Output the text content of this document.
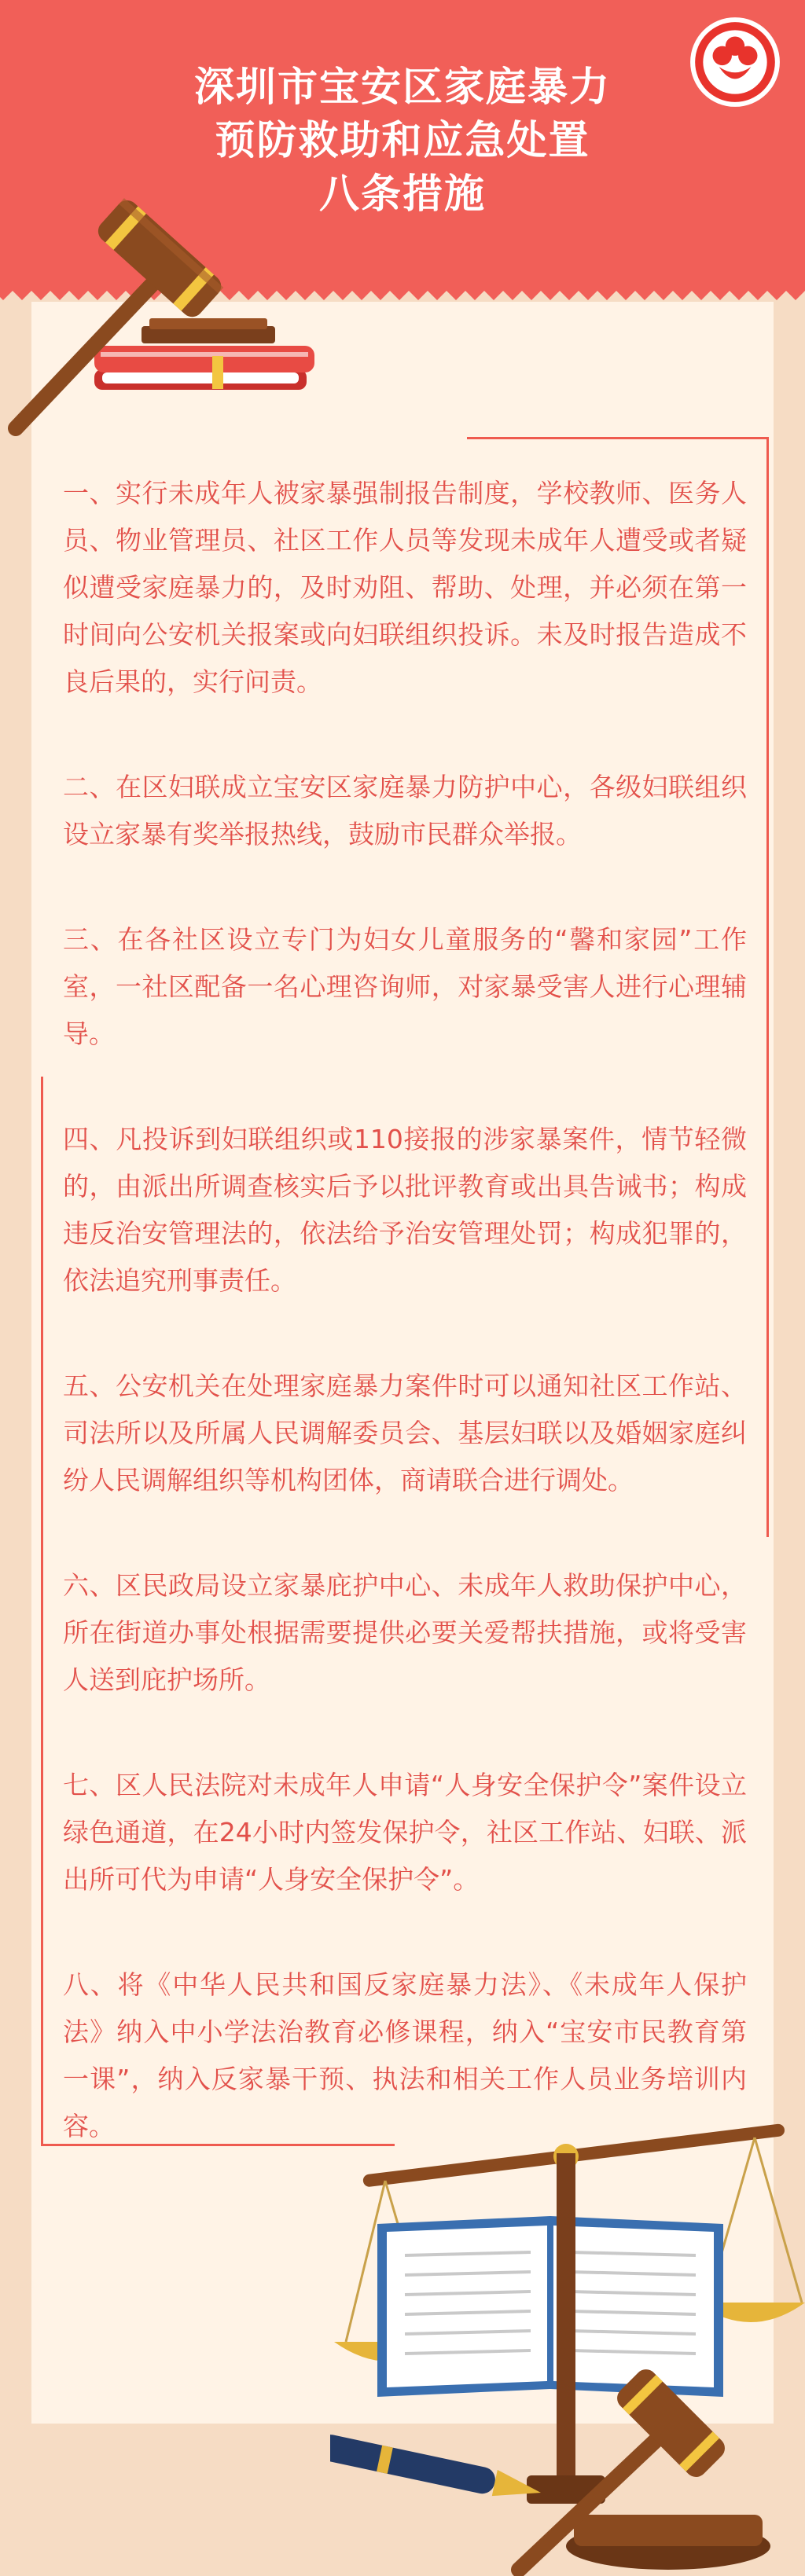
深圳市宝安区家庭暴力
预防救助和应急处置
八条措施

一、实行未成年人被家暴强制报告制度，学校教师、医务人员、物业管理员、社区工作人员等发现未成年人遭受或者疑似遭受家庭暴力的，及时劝阻、帮助、处理，并必须在第一时间向公安机关报案或向妇联组织投诉。未及时报告造成不良后果的，实行问责。

二、在区妇联成立宝安区家庭暴力防护中心，各级妇联组织设立家暴有奖举报热线，鼓励市民群众举报。

三、在各社区设立专门为妇女儿童服务的“馨和家园”工作室，一社区配备一名心理咨询师，对家暴受害人进行心理辅导。

四、凡投诉到妇联组织或110接报的涉家暴案件，情节轻微的，由派出所调查核实后予以批评教育或出具告诫书；构成违反治安管理法的，依法给予治安管理处罚；构成犯罪的，依法追究刑事责任。

五、公安机关在处理家庭暴力案件时可以通知社区工作站、司法所以及所属人民调解委员会、基层妇联以及婚姻家庭纠纷人民调解组织等机构团体，商请联合进行调处。

六、区民政局设立家暴庇护中心、未成年人救助保护中心，所在街道办事处根据需要提供必要关爱帮扶措施，或将受害人送到庇护场所。

七、区人民法院对未成年人申请“人身安全保护令”案件设立绿色通道，在24小时内签发保护令，社区工作站、妇联、派出所可代为申请“人身安全保护令”。

八、将《中华人民共和国反家庭暴力法》、《未成年人保护法》纳入中小学法治教育必修课程，纳入“宝安市民教育第一课”，纳入反家暴干预、执法和相关工作人员业务培训内容。
